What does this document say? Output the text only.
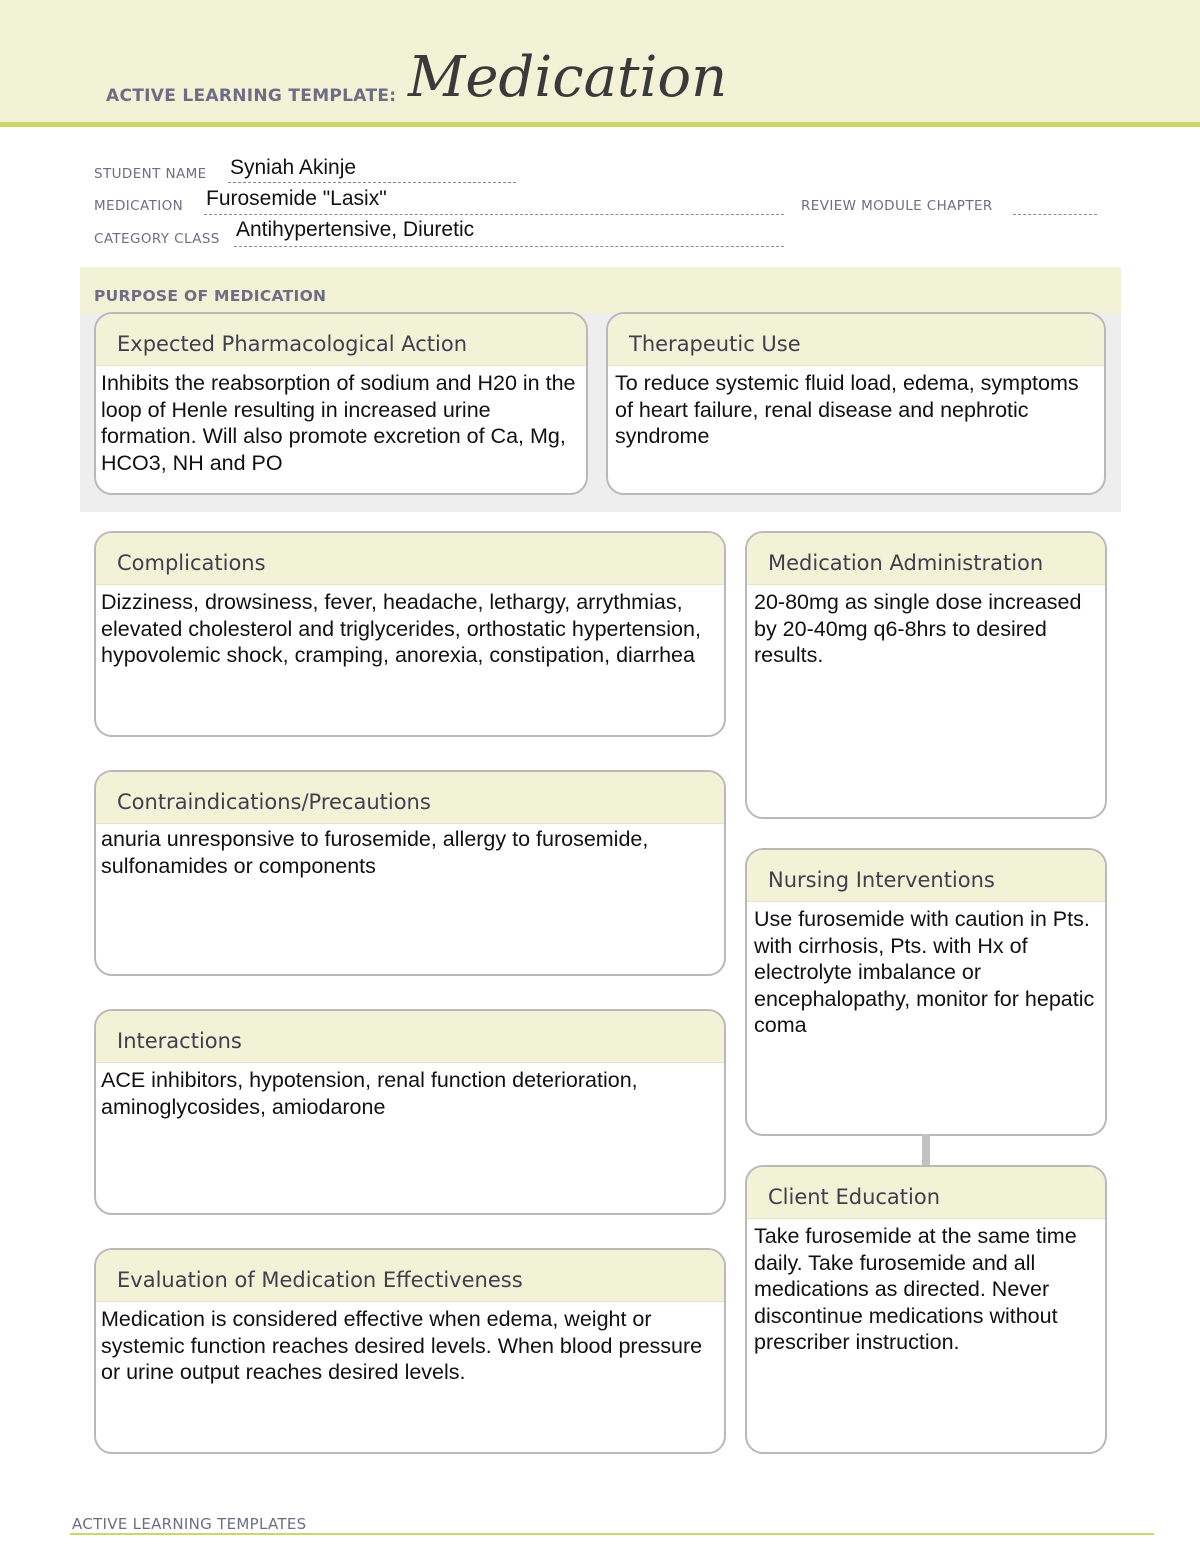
ACTIVE LEARNING TEMPLATE: Medication
STUDENT NAME Syniah Akinje
MEDICATION Furosemide "Lasix"	REVIEW MODULE CHAPTER
CATEGORY CLASS Antihypertensive, Diuretic
PURPOSE OF MEDICATION
Expected Pharmacological Action
Inhibits the reabsorption of sodium and H20 in the loop of Henle resulting in increased urine formation. Will also promote excretion of Ca, Mg, HCO3, NH and PO
Therapeutic Use
To reduce systemic fluid load, edema, symptoms of heart failure, renal disease and nephrotic syndrome
Complications
Dizziness, drowsiness, fever, headache, lethargy, arrythmias, elevated cholesterol and triglycerides, orthostatic hypertension, hypovolemic shock, cramping, anorexia, constipation, diarrhea
Contraindications/Precautions
anuria unresponsive to furosemide, allergy to furosemide, sulfonamides or components
Interactions
ACE inhibitors, hypotension, renal function deterioration, aminoglycosides, amiodarone
Evaluation of Medication Effectiveness
Medication is considered effective when edema, weight or systemic function reaches desired levels. When blood pressure or urine output reaches desired levels.
Medication Administration
20-80mg as single dose increased by 20-40mg q6-8hrs to desired results.
Nursing Interventions
Use furosemide with caution in Pts. with cirrhosis, Pts. with Hx of electrolyte imbalance or encephalopathy, monitor for hepatic coma
Client Education
Take furosemide at the same time daily. Take furosemide and all medications as directed. Never discontinue medications without prescriber instruction.
ACTIVE LEARNING TEMPLATES
